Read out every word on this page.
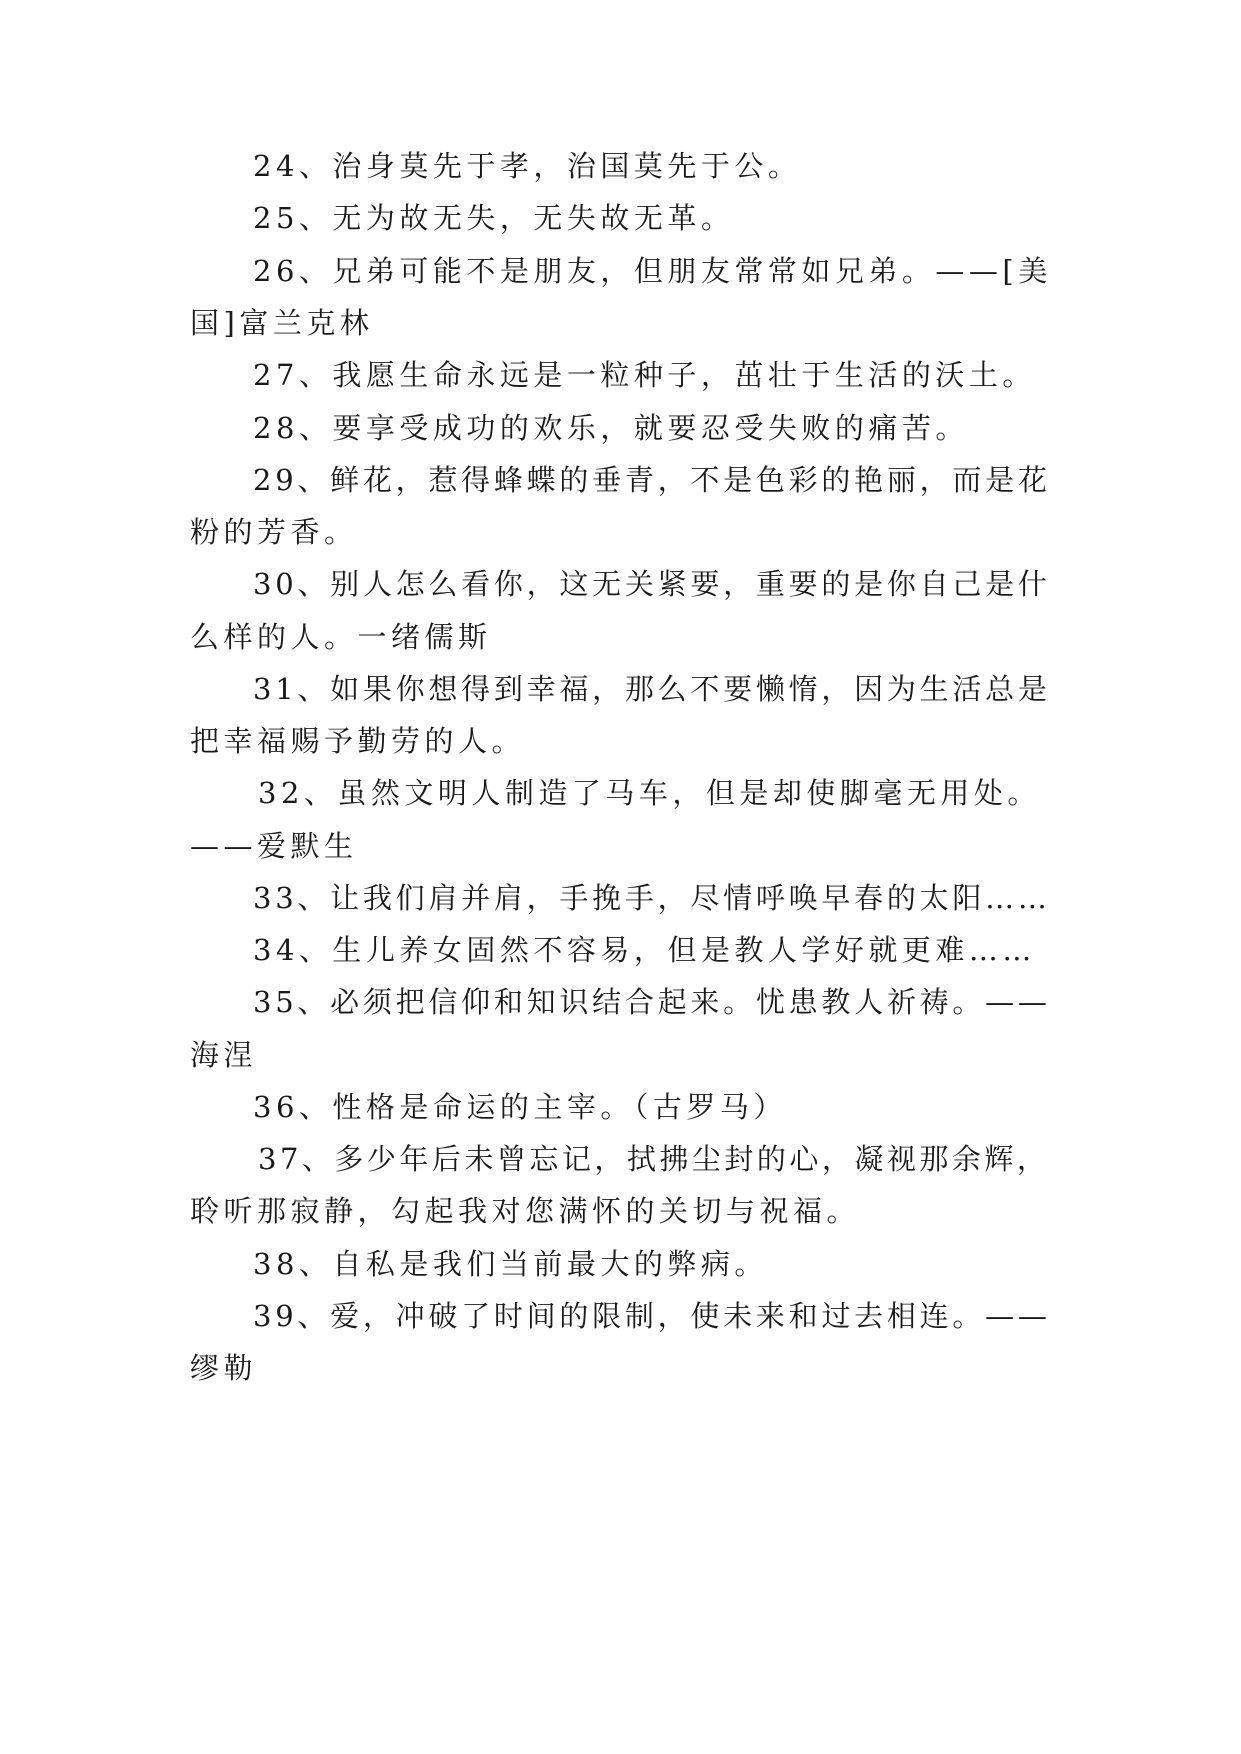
24、治身莫先于孝，治国莫先于公。
25、无为故无失，无失故无革。
26、兄弟可能不是朋友，但朋友常常如兄弟。——[美
国]富兰克林
27、我愿生命永远是一粒种子，茁壮于生活的沃土。
28、要享受成功的欢乐，就要忍受失败的痛苦。
29、鲜花，惹得蜂蝶的垂青，不是色彩的艳丽，而是花
粉的芳香。
30、别人怎么看你，这无关紧要，重要的是你自己是什
么样的人。一绪儒斯
31、如果你想得到幸福，那么不要懒惰，因为生活总是
把幸福赐予勤劳的人。
32、虽然文明人制造了马车，但是却使脚毫无用处。
——爱默生
33、让我们肩并肩，手挽手，尽情呼唤早春的太阳……
34、生儿养女固然不容易，但是教人学好就更难……
35、必须把信仰和知识结合起来。忧患教人祈祷。——
海涅
36、性格是命运的主宰。（古罗马）
37、多少年后未曾忘记，拭拂尘封的心，凝视那余辉，
聆听那寂静，勾起我对您满怀的关切与祝福。
38、自私是我们当前最大的弊病。
39、爱，冲破了时间的限制，使未来和过去相连。——
缪勒
